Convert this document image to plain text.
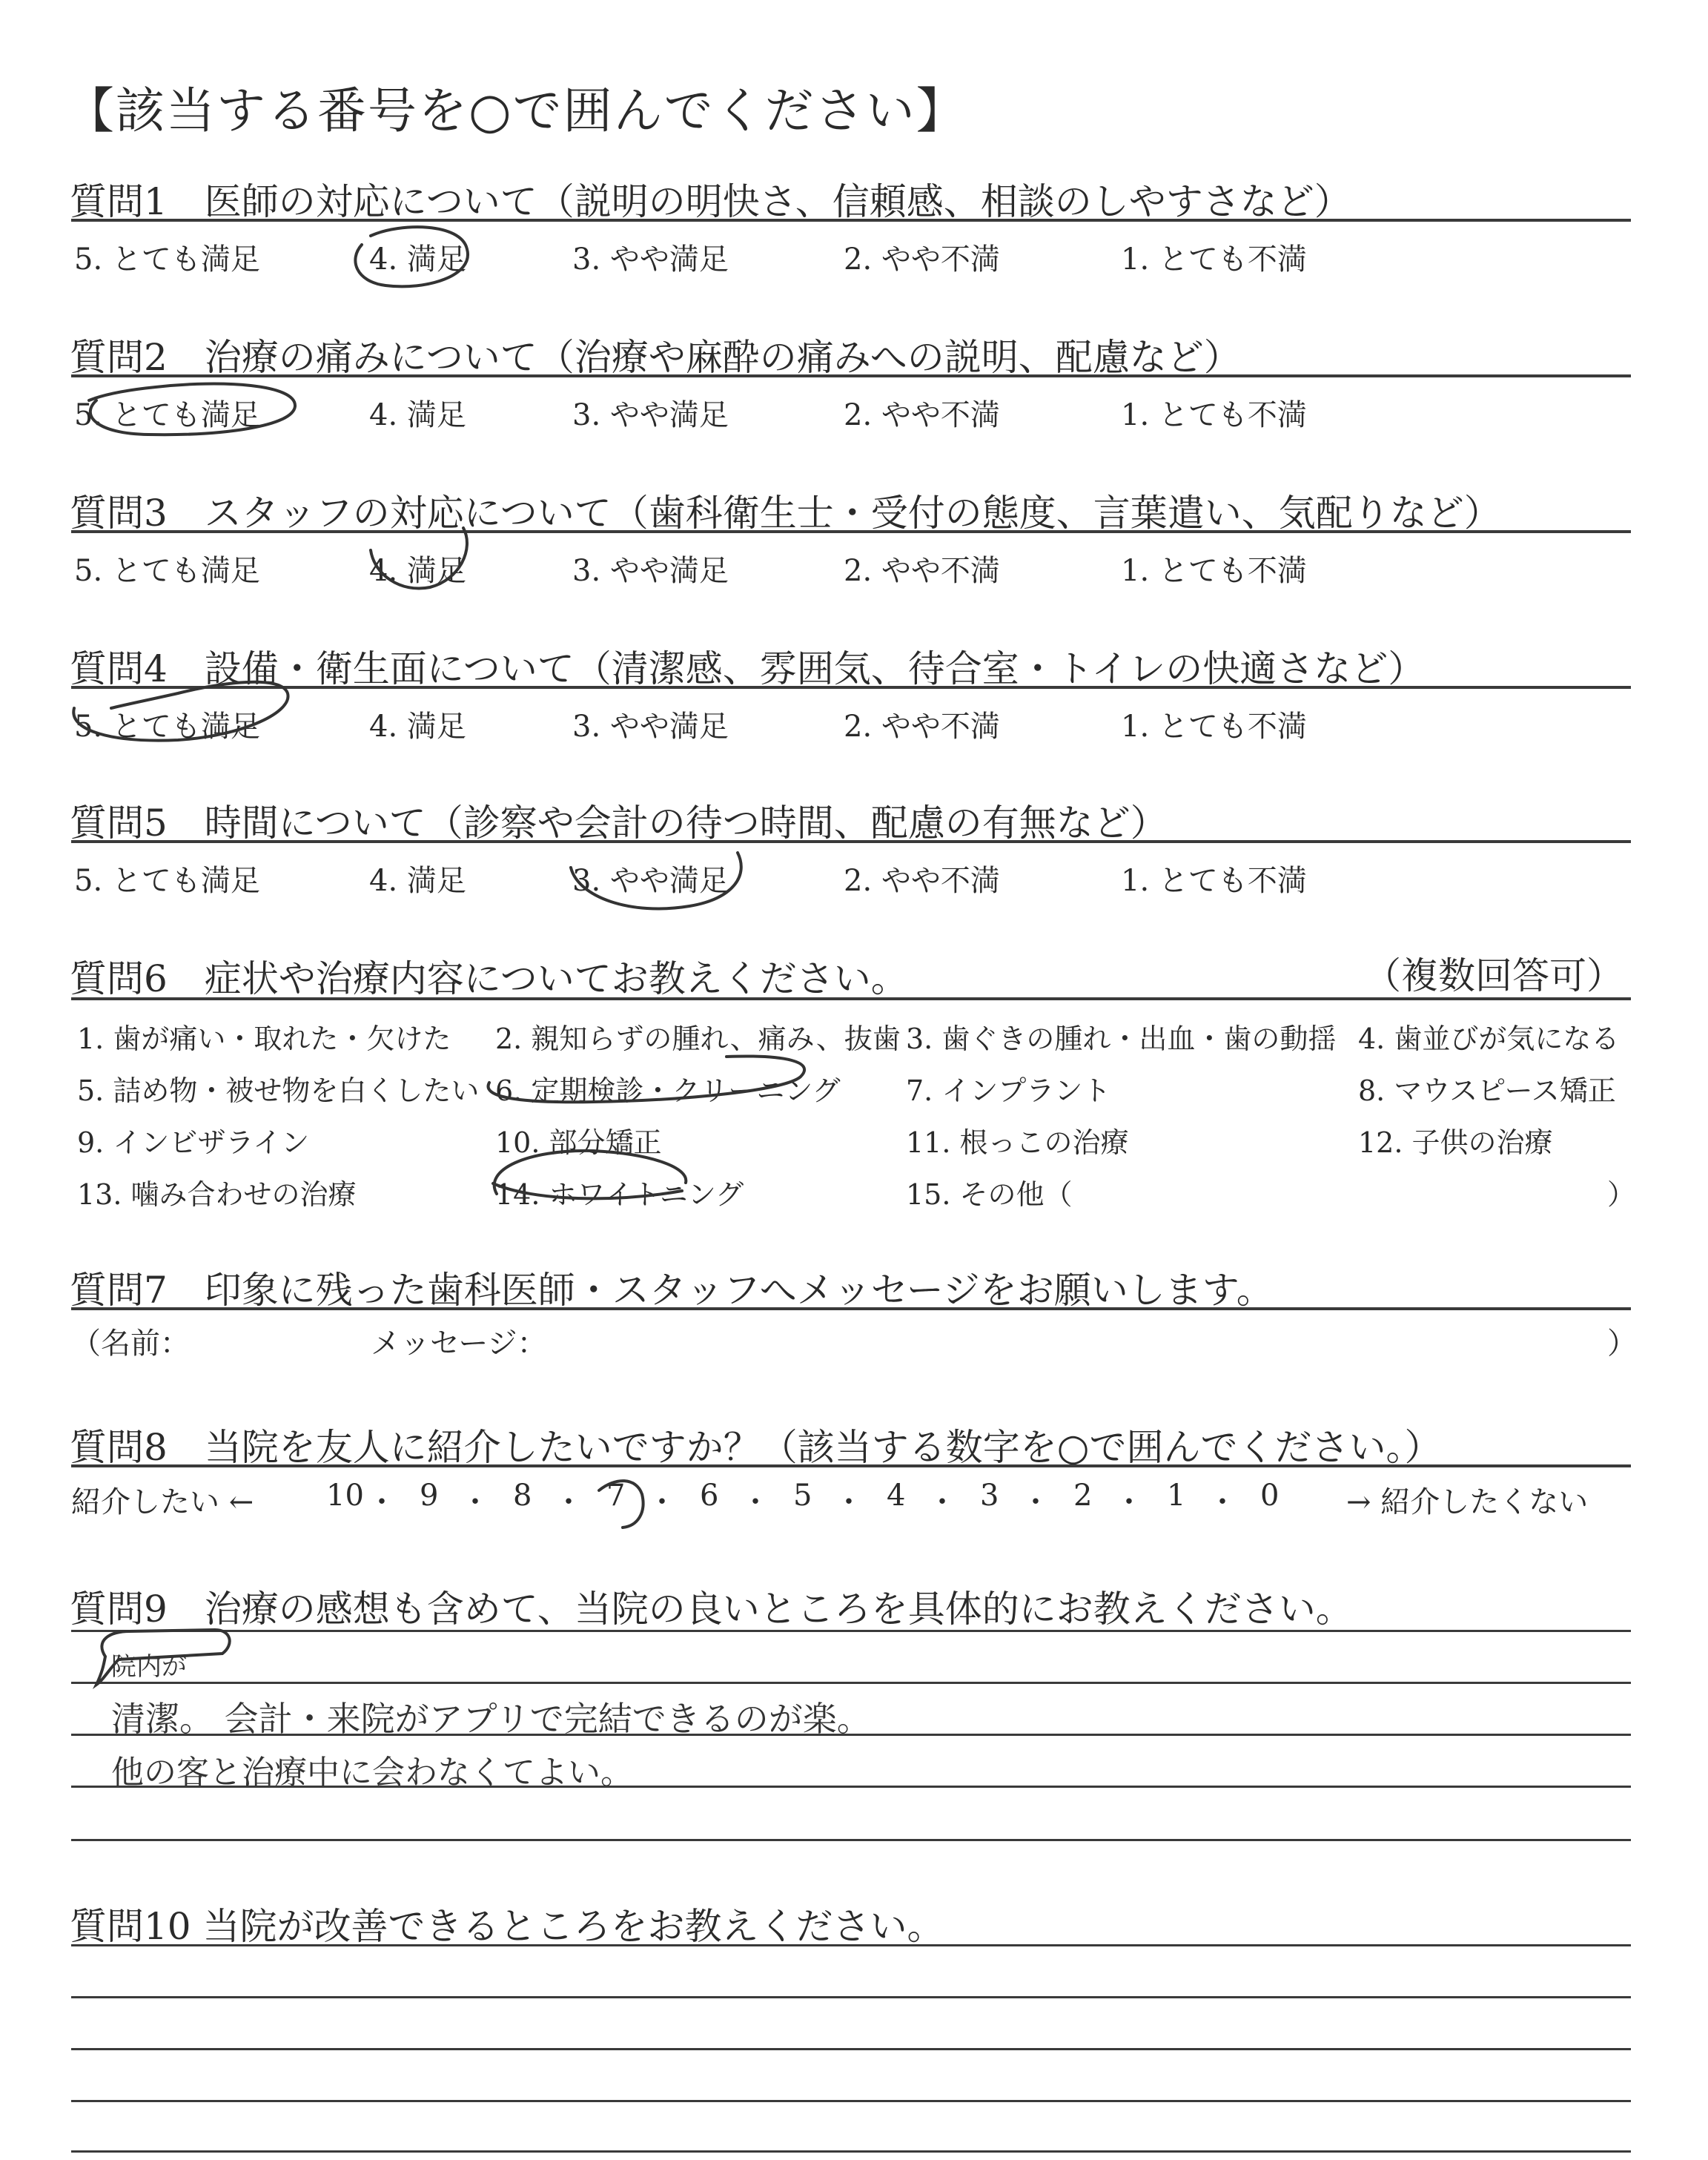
【該当する番号を○で囲んでください】
質問1　医師の対応について（説明の明快さ、信頼感、相談のしやすさなど）
5. とても満足	4. 満足	3. やや満足	2. やや不満	1. とても不満
質問2　治療の痛みについて（治療や麻酔の痛みへの説明、配慮など）
5. とても満足	4. 満足	3. やや満足	2. やや不満	1. とても不満
質問3　スタッフの対応について（歯科衛生士・受付の態度、言葉遣い、気配りなど）
5. とても満足	4. 満足	3. やや満足	2. やや不満	1. とても不満
質問4　設備・衛生面について（清潔感、雰囲気、待合室・トイレの快適さなど）
5. とても満足	4. 満足	3. やや満足	2. やや不満	1. とても不満
質問5　時間について（診察や会計の待つ時間、配慮の有無など）
5. とても満足	4. 満足	3. やや満足	2. やや不満	1. とても不満
質問6　症状や治療内容についてお教えください。	（複数回答可）
1. 歯が痛い・取れた・欠けた 2. 親知らずの腫れ、痛み、抜歯 3. 歯ぐきの腫れ・出血・歯の動揺 4. 歯並びが気になる
5. 詰め物・被せ物を白くしたい 6. 定期検診・クリーニング 7. インプラント	8. マウスピース矯正
9. インビザライン	10. 部分矯正	11. 根っこの治療	12. 子供の治療
13. 噛み合わせの治療	14. ホワイトニング	15. その他（	）
質問7　印象に残った歯科医師・スタッフへメッセージをお願いします。
（名前：	メッセージ：	）
質問8　当院を友人に紹介したいですか？（該当する数字を○で囲んでください。）
紹介したい ← 10 ・ 9 ・ 8 ・ 7 ・ 6 ・ 5 ・ 4 ・ 3 ・ 2 ・ 1 ・ 0 → 紹介したくない
質問9　治療の感想も含めて、当院の良いところを具体的にお教えください。
院内が
清潔。 会計・来院がアプリで完結できるのが楽。
他の客と治療中に会わなくてよい。
質問10 当院が改善できるところをお教えください。
